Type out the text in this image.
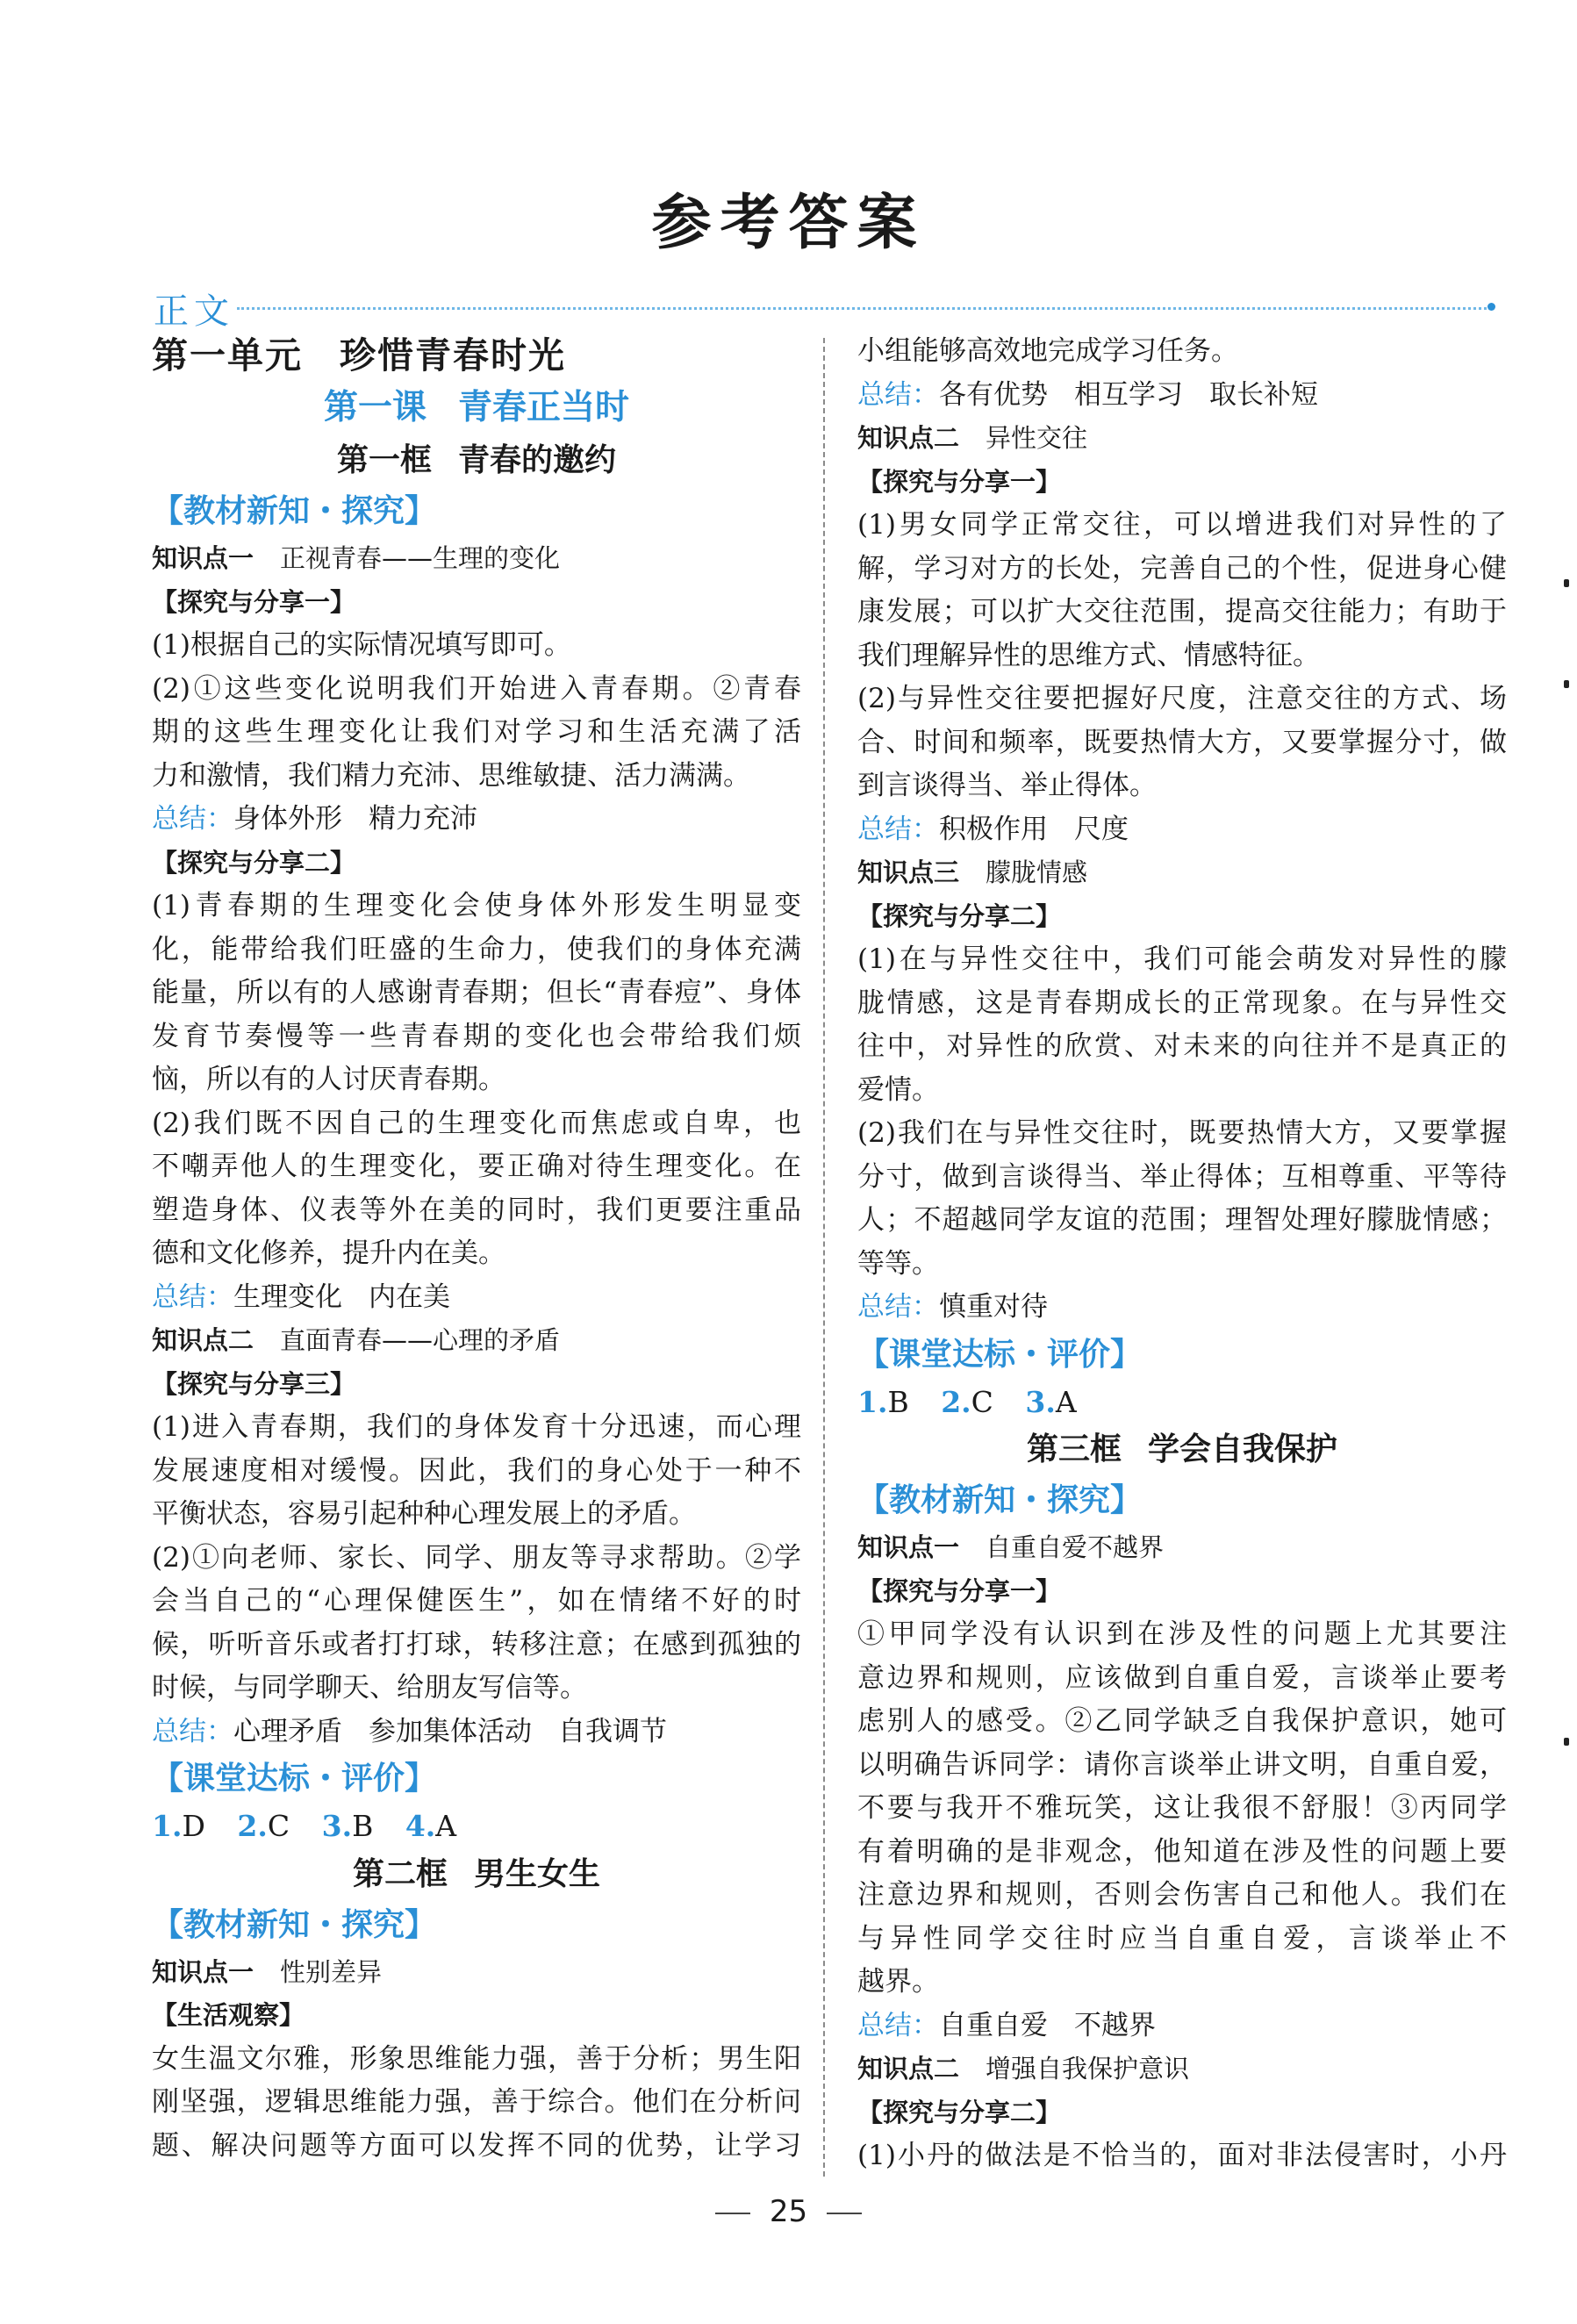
参考答案
正文
第一单元 珍惜青春时光
第一课 青春正当时
第一框 青春的邀约
【教材新知・探究】
知识点一 正视青春——生理的变化
【探究与分享一】
(1)根据自己的实际情况填写即可。
(2)①这些变化说明我们开始进入青春期。②青春
期的这些生理变化让我们对学习和生活充满了活
力和激情，我们精力充沛、思维敏捷、活力满满。
总结：身体外形 精力充沛
【探究与分享二】
(1)青春期的生理变化会使身体外形发生明显变
化，能带给我们旺盛的生命力，使我们的身体充满
能量，所以有的人感谢青春期；但长“青春痘”、身体
发育节奏慢等一些青春期的变化也会带给我们烦
恼，所以有的人讨厌青春期。
(2)我们既不因自己的生理变化而焦虑或自卑，也
不嘲弄他人的生理变化，要正确对待生理变化。在
塑造身体、仪表等外在美的同时，我们更要注重品
德和文化修养，提升内在美。
总结：生理变化 内在美
知识点二 直面青春——心理的矛盾
【探究与分享三】
(1)进入青春期，我们的身体发育十分迅速，而心理
发展速度相对缓慢。因此，我们的身心处于一种不
平衡状态，容易引起种种心理发展上的矛盾。
(2)①向老师、家长、同学、朋友等寻求帮助。②学
会当自己的“心理保健医生”，如在情绪不好的时
候，听听音乐或者打打球，转移注意；在感到孤独的
时候，与同学聊天、给朋友写信等。
总结：心理矛盾 参加集体活动 自我调节
【课堂达标・评价】
1.D 2.C 3.B 4.A
第二框 男生女生
【教材新知・探究】
知识点一 性别差异
【生活观察】
女生温文尔雅，形象思维能力强，善于分析；男生阳
刚坚强，逻辑思维能力强，善于综合。他们在分析问
题、解决问题等方面可以发挥不同的优势，让学习
小组能够高效地完成学习任务。
总结：各有优势 相互学习 取长补短
知识点二 异性交往
【探究与分享一】
(1)男女同学正常交往，可以增进我们对异性的了
解，学习对方的长处，完善自己的个性，促进身心健
康发展；可以扩大交往范围，提高交往能力；有助于
我们理解异性的思维方式、情感特征。
(2)与异性交往要把握好尺度，注意交往的方式、场
合、时间和频率，既要热情大方，又要掌握分寸，做
到言谈得当、举止得体。
总结：积极作用 尺度
知识点三 朦胧情感
【探究与分享二】
(1)在与异性交往中，我们可能会萌发对异性的朦
胧情感，这是青春期成长的正常现象。在与异性交
往中，对异性的欣赏、对未来的向往并不是真正的
爱情。
(2)我们在与异性交往时，既要热情大方，又要掌握
分寸，做到言谈得当、举止得体；互相尊重、平等待
人；不超越同学友谊的范围；理智处理好朦胧情感；
等等。
总结：慎重对待
【课堂达标・评价】
1.B 2.C 3.A
第三框 学会自我保护
【教材新知・探究】
知识点一 自重自爱不越界
【探究与分享一】
①甲同学没有认识到在涉及性的问题上尤其要注
意边界和规则，应该做到自重自爱，言谈举止要考
虑别人的感受。②乙同学缺乏自我保护意识，她可
以明确告诉同学：请你言谈举止讲文明，自重自爱，
不要与我开不雅玩笑，这让我很不舒服！③丙同学
有着明确的是非观念，他知道在涉及性的问题上要
注意边界和规则，否则会伤害自己和他人。我们在
与异性同学交往时应当自重自爱，言谈举止不
越界。
总结：自重自爱 不越界
知识点二 增强自我保护意识
【探究与分享二】
(1)小丹的做法是不恰当的，面对非法侵害时，小丹
25
